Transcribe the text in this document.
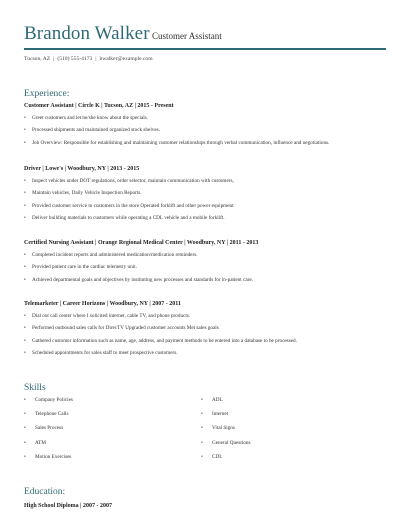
Brandon Walker Customer Assistant
Tucson, AZ | (510) 555-4173 | bwalker@example.com
Experience:
Customer Assistant | Circle K | Tucson, AZ | 2015 - Present
• Greet customers and let he/she know about the specials.
• Processed shipments and maintained organized stock shelves.
• Job Overview: Responsible for establishing and maintaining customer relationships through verbal communication, influence and negotiations.
Driver | Lowe's | Woodbury, NY | 2013 - 2015
• Inspect vehicles under DOT regulations, order selector, maintain communication with customers,
• Maintain vehicles, Daily Vehicle Inspection Reports.
• Provided customer service to customers in the store Operated forklift and other power equipment
• Deliver building materials to customers while operating a CDL vehicle and a mobile forklift.
Certified Nursing Assistant | Orange Regional Medical Center | Woodbury, NY | 2011 - 2013
• Completed incident reports and administered medication/medication reminders.
• Provided patient care in the cardiac telemetry unit.
• Achieved departmental goals and objectives by instituting new processes and standards for in-patient care.
Telemarketer | Career Horizons | Woodbury, NY | 2007 - 2011
• Dial out call center where I solicited internet, cable TV, and phone products.
• Performed outbound sales calls for DirecTV Upgraded customer accounts Met sales goals
• Gathered customer information such as name, age, address, and payment methods to be entered into a database to be processed.
• Scheduled appointments for sales staff to meet prospective customers.
Skills
• Company Policies
• Telephone Calls
• Sales Process
• ATM
• Motion Exercises
• ADL
• Internet
• Vital Signs
• General Questions
• CDL
Education:
High School Diploma | 2007 - 2007
